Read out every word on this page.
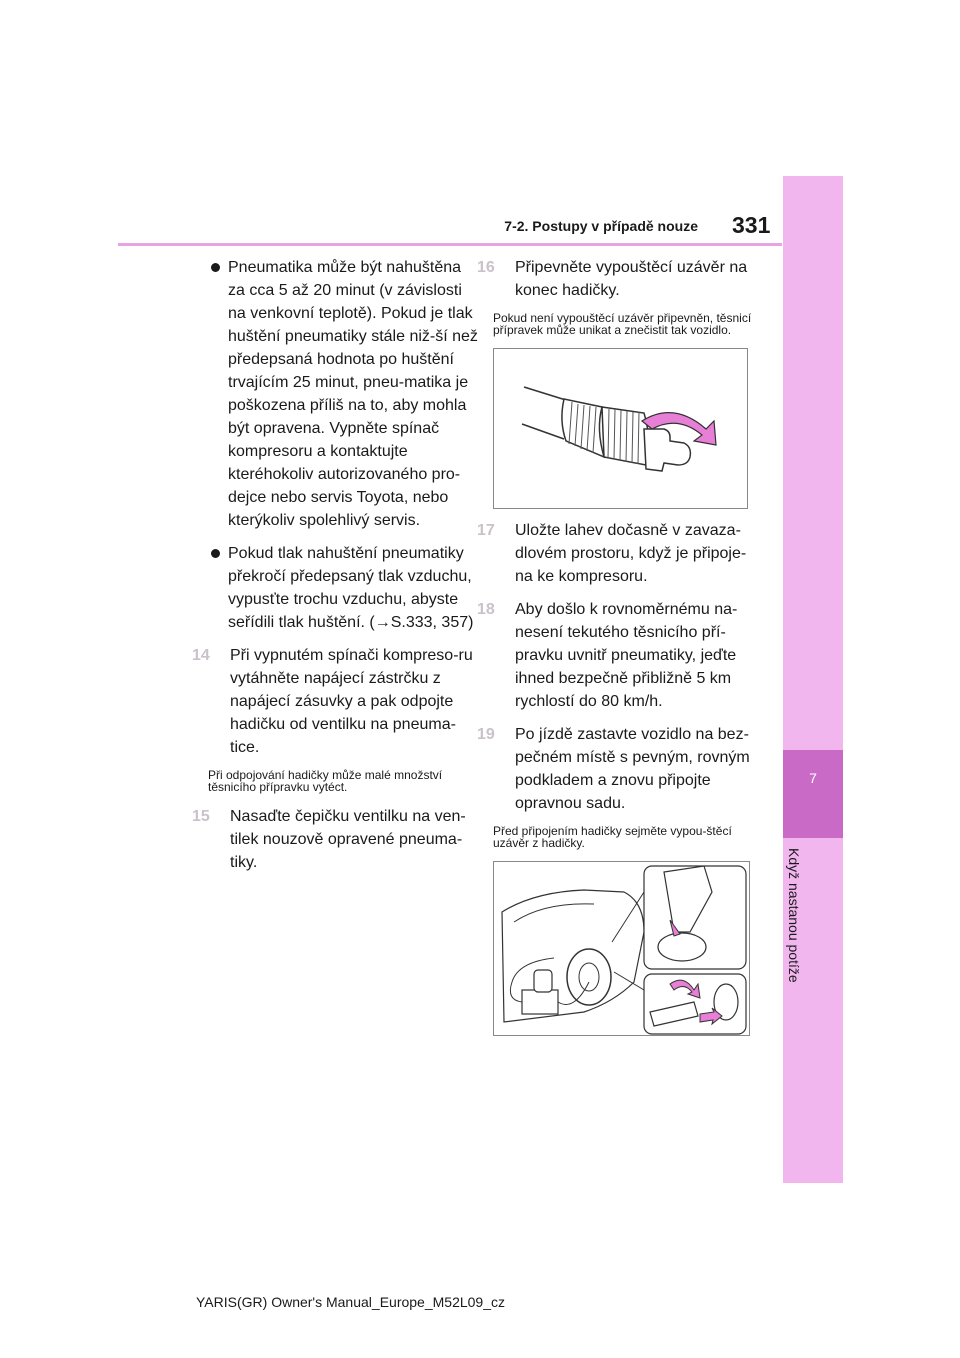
331
7-2. Postupy v případě nouze
7
Když nastanou potíže

Pneumatika může být nahuštěna za cca 5 až 20 minut (v závislosti na venkovní teplotě). Pokud je tlak huštění pneumatiky stále niž-ší než předepsaná hodnota po huštění trvajícím 25 minut, pneu-matika je poškozena příliš na to, aby mohla být opravena. Vypněte spínač kompresoru a kontaktujte kteréhokoliv autorizovaného pro-dejce nebo servis Toyota, nebo kterýkoliv spolehlivý servis.

Pokud tlak nahuštění pneumatiky překročí předepsaný tlak vzduchu, vypusťte trochu vzduchu, abyste seřídili tlak huštění. (→S.333, 357)

14 Při vypnutém spínači kompreso-ru vytáhněte napájecí zástrčku z napájecí zásuvky a pak odpojte hadičku od ventilku na pneuma-tice.

Při odpojování hadičky může malé množství těsnicího přípravku vytéct.

15 Nasaďte čepičku ventilku na ven-tilek nouzově opravené pneuma-tiky.

16 Připevněte vypouštěcí uzávěr na konec hadičky.

Pokud není vypouštěcí uzávěr připevněn, těsnicí přípravek může unikat a znečistit tak vozidlo.

17 Uložte lahev dočasně v zavaza-dlovém prostoru, když je připoje-na ke kompresoru.

18 Aby došlo k rovnoměrnému na-nesení tekutého těsnicího pří-pravku uvnitř pneumatiky, jeďte ihned bezpečně přibližně 5 km rychlostí do 80 km/h.

19 Po jízdě zastavte vozidlo na bez-pečném místě s pevným, rovným podkladem a znovu připojte opravnou sadu.

Před připojením hadičky sejměte vypou-štěcí uzávěr z hadičky.

YARIS(GR) Owner's Manual_Europe_M52L09_cz
